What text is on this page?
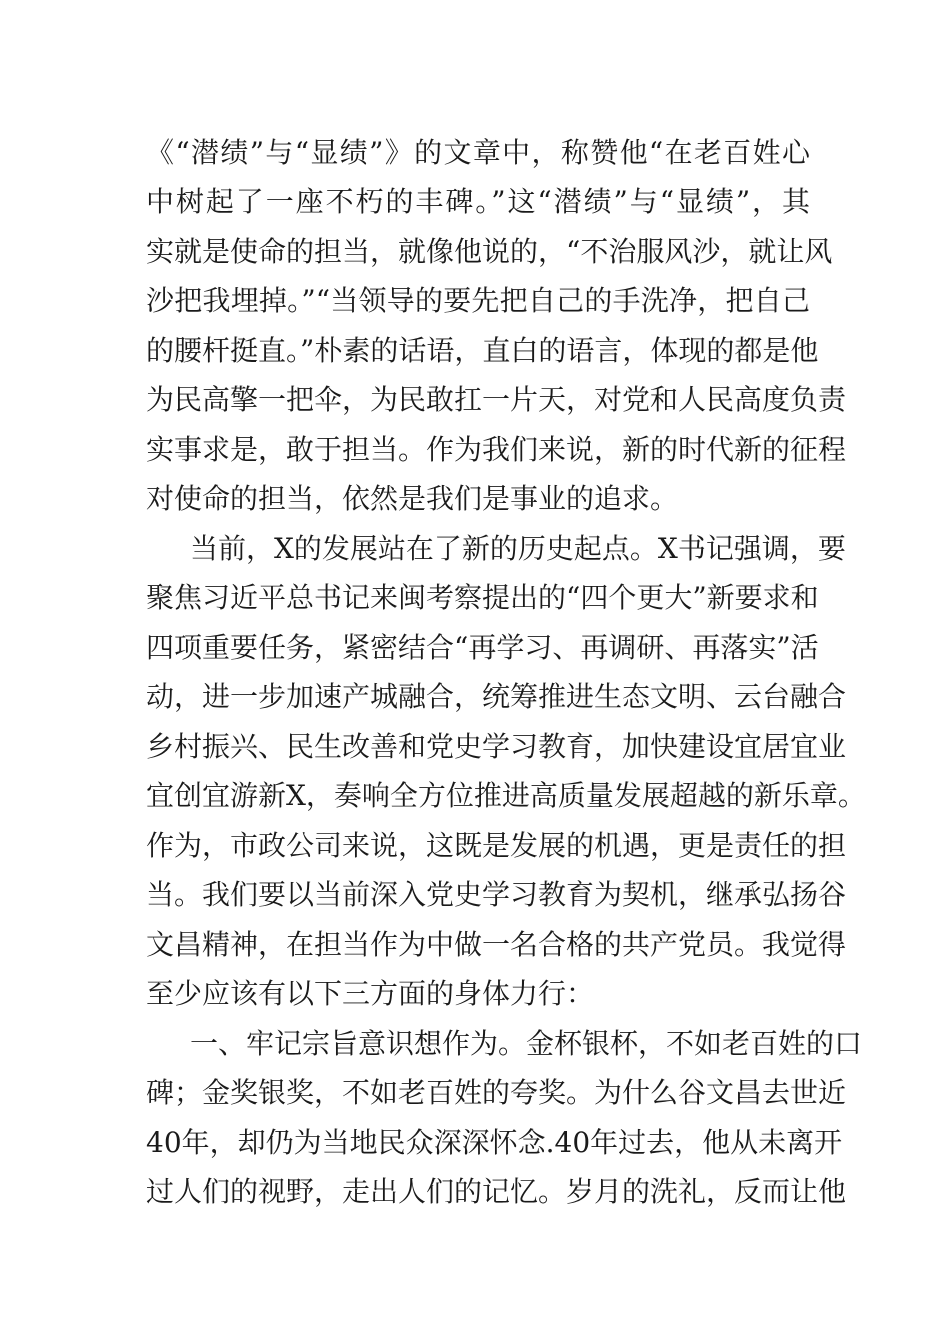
《“潜绩”与“显绩”》的文章中，称赞他“在老百姓心
中树起了一座不朽的丰碑。”这“潜绩”与“显绩”，其
实就是使命的担当，就像他说的，“不治服风沙，就让风
沙把我埋掉。”“当领导的要先把自己的手洗净，把自己
的腰杆挺直。”朴素的话语，直白的语言，体现的都是他
为民高擎一把伞，为民敢扛一片天，对党和人民高度负责
实事求是，敢于担当。作为我们来说，新的时代新的征程
对使命的担当，依然是我们是事业的追求。
当前，X的发展站在了新的历史起点。X书记强调，要
聚焦习近平总书记来闽考察提出的“四个更大”新要求和
四项重要任务，紧密结合“再学习、再调研、再落实”活
动，进一步加速产城融合，统筹推进生态文明、云台融合
乡村振兴、民生改善和党史学习教育，加快建设宜居宜业
宜创宜游新X，奏响全方位推进高质量发展超越的新乐章。
作为，市政公司来说，这既是发展的机遇，更是责任的担
当。我们要以当前深入党史学习教育为契机，继承弘扬谷
文昌精神，在担当作为中做一名合格的共产党员。我觉得
至少应该有以下三方面的身体力行：
一、牢记宗旨意识想作为。金杯银杯，不如老百姓的口
碑；金奖银奖，不如老百姓的夸奖。为什么谷文昌去世近
40年，却仍为当地民众深深怀念.40年过去，他从未离开
过人们的视野，走出人们的记忆。岁月的洗礼，反而让他
